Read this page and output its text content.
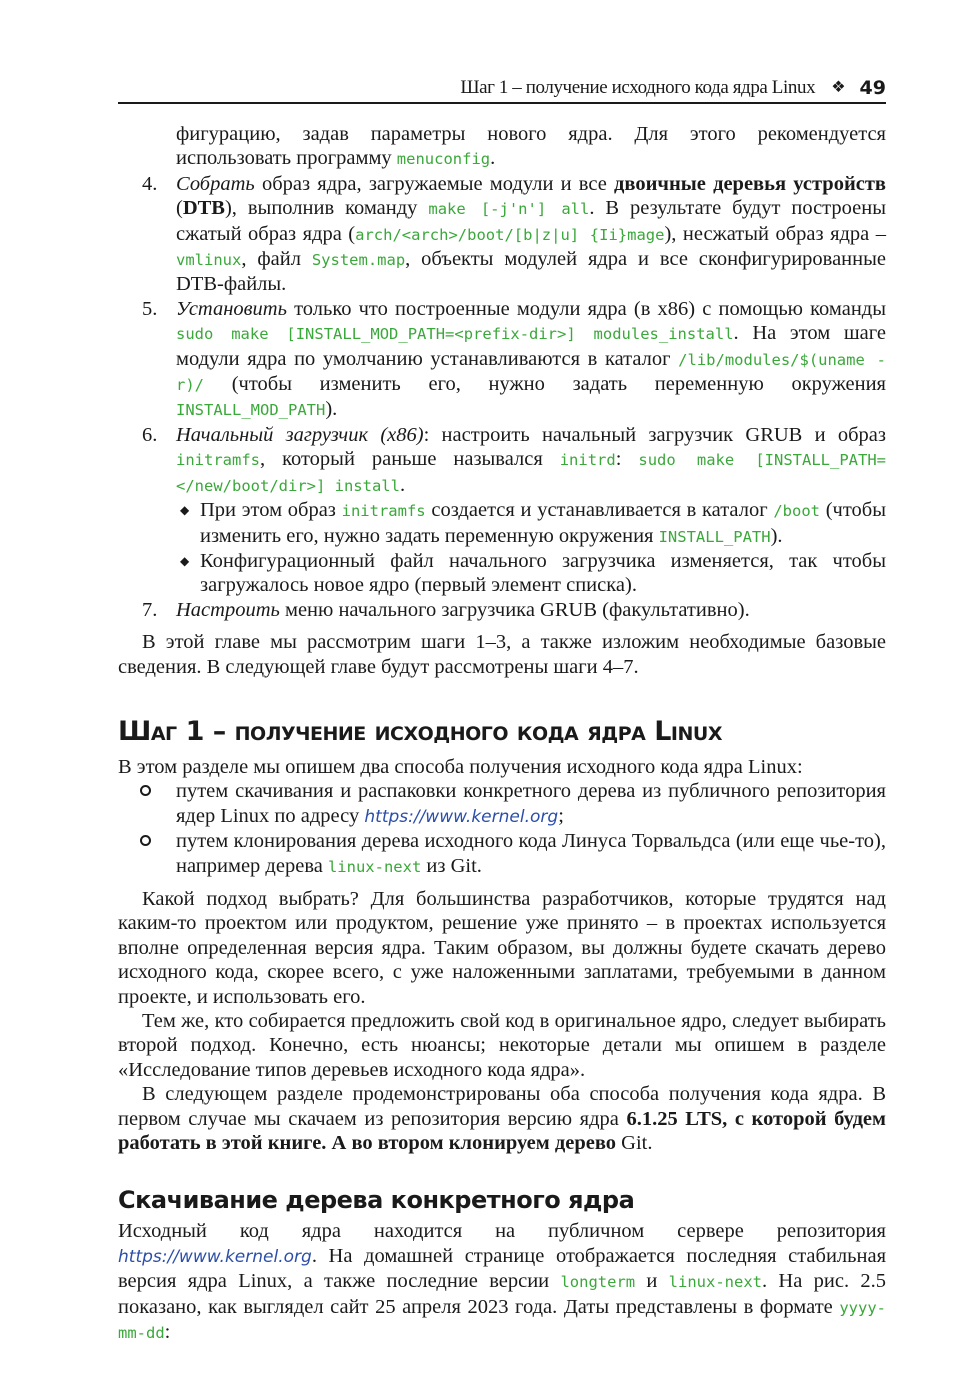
Шаг 1 – получение исходного кода ядра Linux ❖ 49

фигурацию, задав параметры нового ядра. Для этого рекомендуется использовать программу menuconfig.

4. Собрать образ ядра, загружаемые модули и все двоичные деревья устройств (DTB), выполнив команду make [-j'n'] all. В результате будут построены сжатый образ ядра (arch/<arch>/boot/[b|z|u] {Ii}mage), несжатый образ ядра – vmlinux, файл System.map, объекты модулей ядра и все сконфигурированные DTB-файлы.
5. Установить только что построенные модули ядра (в x86) с помощью команды sudo make [INSTALL_MOD_PATH=<prefix-dir>] modules_install. На этом шаге модули ядра по умолчанию устанавливаются в каталог /lib/modules/$(uname -r)/ (чтобы изменить его, нужно задать переменную окружения INSTALL_MOD_PATH).
6. Начальный загрузчик (x86): настроить начальный загрузчик GRUB и образ initramfs, который раньше назывался initrd: sudo make [INSTALL_PATH=</new/boot/dir>] install.
◆ При этом образ initramfs создается и устанавливается в каталог /boot (чтобы изменить его, нужно задать переменную окружения INSTALL_PATH).
◆ Конфигурационный файл начального загрузчика изменяется, так чтобы загружалось новое ядро (первый элемент списка).
7. Настроить меню начального загрузчика GRUB (факультативно).

В этой главе мы рассмотрим шаги 1–3, а также изложим необходимые базовые сведения. В следующей главе будут рассмотрены шаги 4–7.

Шаг 1 – получение исходного кода ядра Linux

В этом разделе мы опишем два способа получения исходного кода ядра Linux:

путем скачивания и распаковки конкретного дерева из публичного репозитория ядер Linux по адресу https://www.kernel.org;
путем клонирования дерева исходного кода Линуса Торвальдса (или еще чье-то), например дерева linux-next из Git.

Какой подход выбрать? Для большинства разработчиков, которые трудятся над каким-то проектом или продуктом, решение уже принято – в проектах используется вполне определенная версия ядра. Таким образом, вы должны будете скачать дерево исходного кода, скорее всего, с уже наложенными заплатами, требуемыми в данном проекте, и использовать его.

Тем же, кто собирается предложить свой код в оригинальное ядро, следует выбирать второй подход. Конечно, есть нюансы; некоторые детали мы опишем в разделе «Исследование типов деревьев исходного кода ядра».

В следующем разделе продемонстрированы оба способа получения кода ядра. В первом случае мы скачаем из репозитория версию ядра 6.1.25 LTS, с которой будем работать в этой книге. А во втором клонируем дерево Git.

Скачивание дерева конкретного ядра

Исходный код ядра находится на публичном сервере репозитория https://www.kernel.org. На домашней странице отображается последняя стабильная версия ядра Linux, а также последние версии longterm и linux-next. На рис. 2.5 показано, как выглядел сайт 25 апреля 2023 года. Даты представлены в формате yyyy-mm-dd:
